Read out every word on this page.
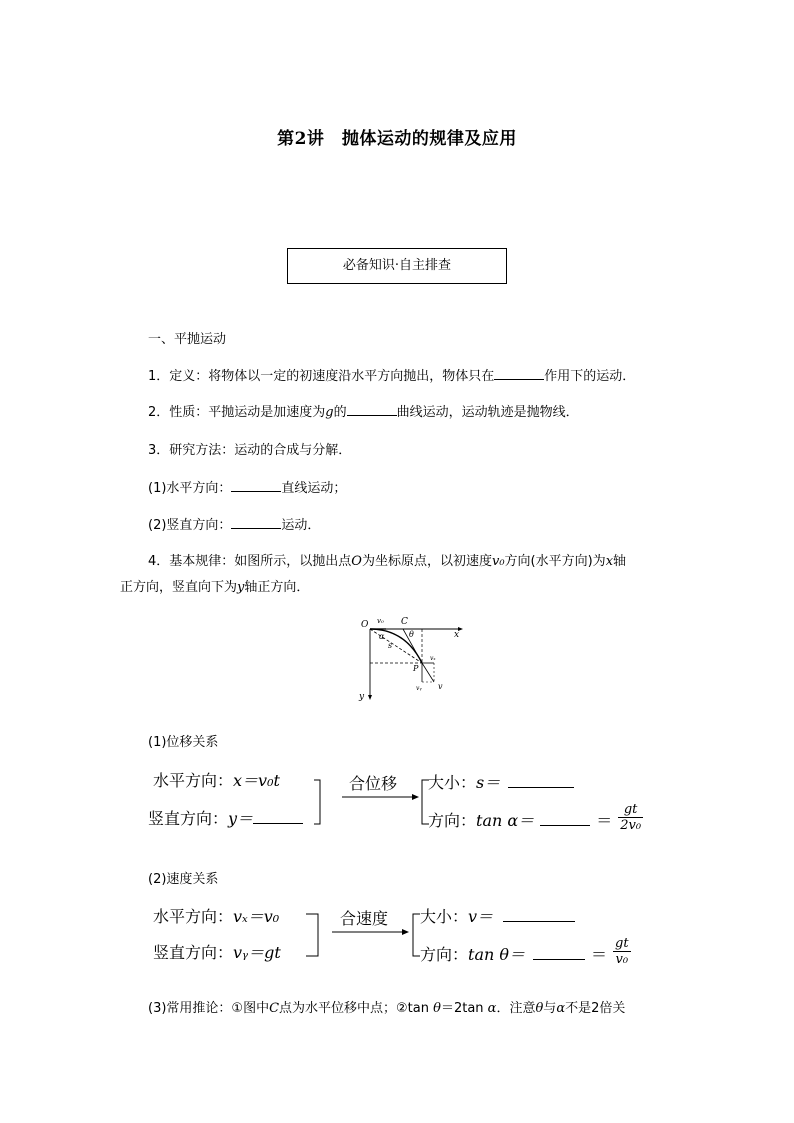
第2讲　抛体运动的规律及应用
必备知识·自主排查
一、平抛运动
1．定义：将物体以一定的初速度沿水平方向抛出，物体只在	作用下的运动．
2．性质：平抛运动是加速度为g的	曲线运动，运动轨迹是抛物线．
3．研究方法：运动的合成与分解．
(1)水平方向：	直线运动；
(2)竖直方向：	运动．
4．基本规律：如图所示，以抛出点O为坐标原点，以初速度v₀方向(水平方向)为x轴
正方向，竖直向下为y轴正方向．
O v₀ C
x
θ
α
s
P
vₓ
vᵧ v
y
(1)位移关系
水平方向：x＝v₀t
竖直方向：y＝
合位移 大小：s＝
方向：tan α＝	＝ $\frac{gt}{\text{2v₀}}$
(2)速度关系
水平方向：vₓ＝v₀
竖直方向：vᵧ＝gt
合速度 大小：v＝
方向：tan θ＝	＝ $\frac{gt}{\text{v₀}}$
(3)常用推论：①图中C点为水平位移中点；②tan θ＝2tan α．注意θ与α不是2倍关
